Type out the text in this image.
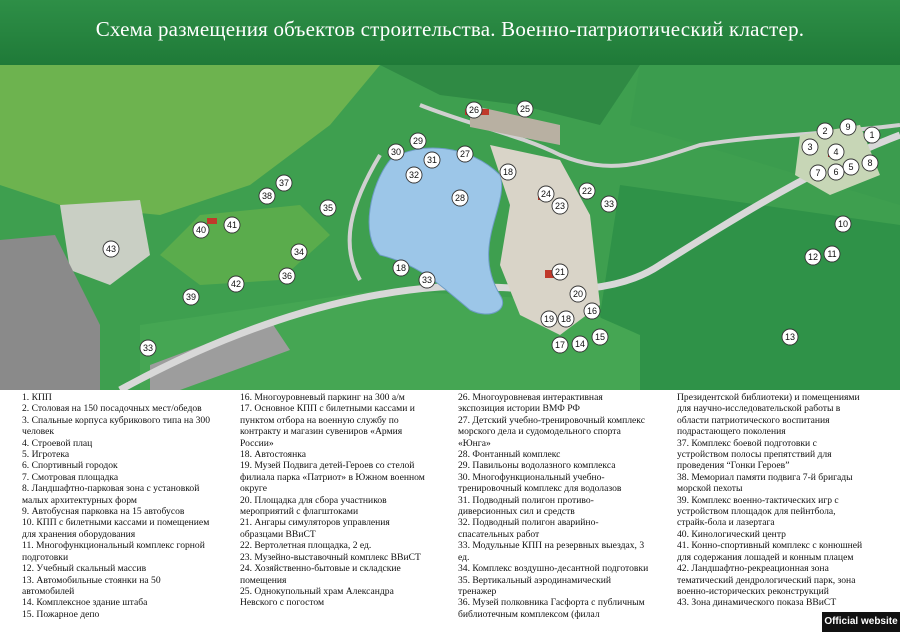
Схема размещения объектов строительства. Военно-патриотический кластер.
1
2
3 4
5
6
7
8
9
10
11
12
13
14
15
16
17
18
18
18
19
20
21
22
23
24
25
26
27
28
29
30
31
32
33
33
33
34
35
36
37
38
39
40 41
42
43
1. КПП
2. Столовая на 150 посадочных мест/обедов
3. Спальные корпуса кубрикового типа на 300
человек
4. Строевой плац
5. Игротека
6. Спортивный городок
7. Смотровая площадка
8. Ландшафтно-парковая зона с установкой
малых архитектурных форм
9. Автобусная парковка на 15 автобусов
10. КПП с билетными кассами и помещением
для хранения оборудования
11. Многофункциональный комплекс горной
подготовки
12. Учебный скальный массив
13. Автомобильные стоянки на 50
автомобилей
14. Комплексное здание штаба
15. Пожарное депо
16. Многоуровневый паркинг на 300 а/м
17. Основное КПП с билетными кассами и
пунктом отбора на военную службу по
контракту и магазин сувениров «Армия
России»
18. Автостоянка
19. Музей Подвига детей-Героев со стелой
филиала парка «Патриот» в Южном военном
округе
20. Площадка для сбора участников
мероприятий с флагштоками
21. Ангары симуляторов управления
образцами ВВиСТ
22. Вертолетная площадка, 2 ед.
23. Музейно-выставочный комплекс ВВиСТ
24. Хозяйственно-бытовые и складские
помещения
25. Однокупольный храм Александра
Невского с погостом
26. Многоуровневая интерактивная
экспозиция истории ВМФ РФ
27. Детский учебно-тренировочный комплекс
морского дела и судомодельного спорта
«Юнга»
28. Фонтанный комплекс
29. Павильоны водолазного комплекса
30. Многофункциональный учебно-
тренировочный комплекс для водолазов
31. Подводный полигон противо-
диверсионных сил и средств
32. Подводный полигон аварийно-
спасательных работ
33. Модульные КПП на резервных выездах, 3
ед.
34. Комплекс воздушно-десантной подготовки
35. Вертикальный аэродинамический
тренажер
36. Музей полковника Гасфорта с публичным
библиотечным комплексом (филал
Президентской библиотеки) и помещениями
для научно-исследовательской работы в
области патриотического воспитания
подрастающего поколения
37. Комплекс боевой подготовки с
устройством полосы препятствий для
проведения “Гонки Героев”
38. Мемориал памяти подвига 7-й бригады
морской пехоты
39. Комплекс военно-тактических игр с
устройством площадок для пейнтбола,
страйк-бола и лазертага
40. Кинологический центр
41. Конно-спортивный комплекс с конюшней
для содержания лошадей и конным плацем
42. Ландшафтно-рекреационная зона
тематический дендрологический парк, зона
военно-исторических реконструкций
43. Зона динамического показа ВВиСТ
Official website
